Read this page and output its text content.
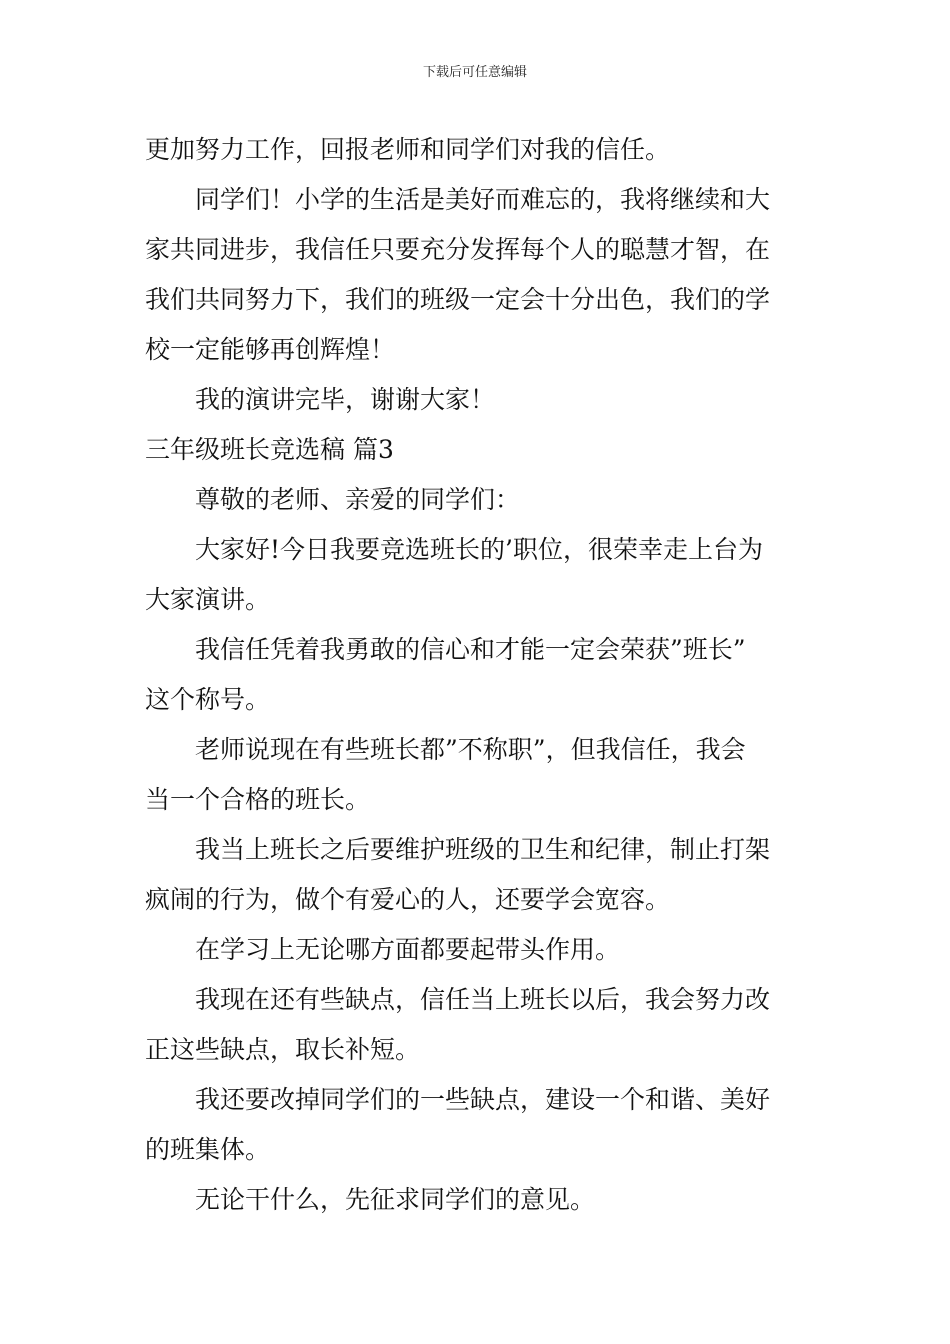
下载后可任意编辑
更加努力工作，回报老师和同学们对我的信任。
同学们！小学的生活是美好而难忘的，我将继续和大
家共同进步，我信任只要充分发挥每个人的聪慧才智，在
我们共同努力下，我们的班级一定会十分出色，我们的学
校一定能够再创辉煌！
我的演讲完毕，谢谢大家！
三年级班长竞选稿 篇3
尊敬的老师、亲爱的同学们：
大家好!今日我要竞选班长的’职位，很荣幸走上台为
大家演讲。
我信任凭着我勇敢的信心和才能一定会荣获”班长”
这个称号。
老师说现在有些班长都”不称职”，但我信任，我会
当一个合格的班长。
我当上班长之后要维护班级的卫生和纪律，制止打架
疯闹的行为，做个有爱心的人，还要学会宽容。
在学习上无论哪方面都要起带头作用。
我现在还有些缺点，信任当上班长以后，我会努力改
正这些缺点，取长补短。
我还要改掉同学们的一些缺点，建设一个和谐、美好
的班集体。
无论干什么，先征求同学们的意见。
